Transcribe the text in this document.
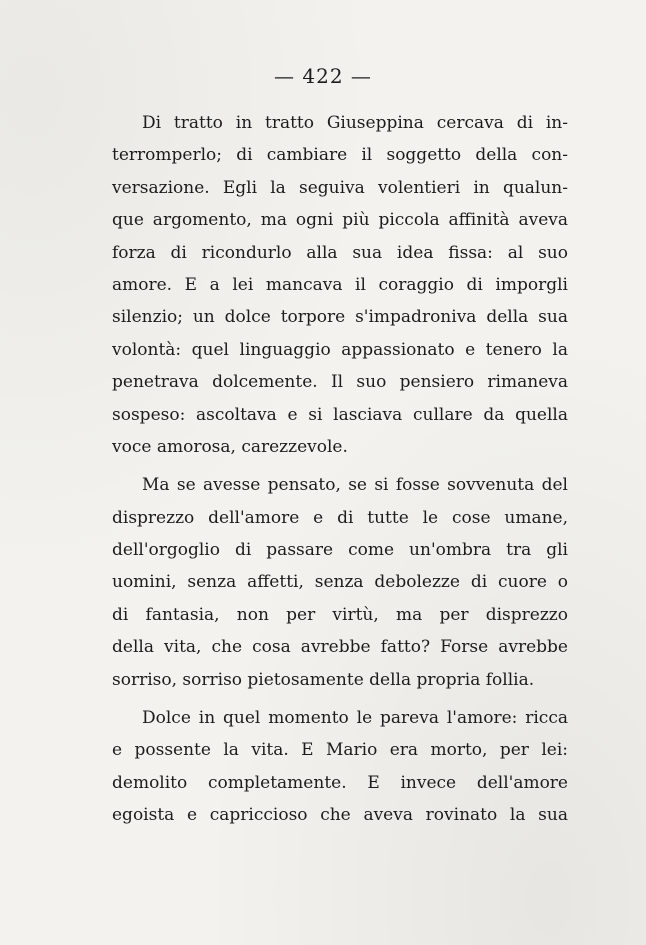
— 422 —
Di tratto in tratto Giuseppina cercava di in-
terromperlo; di cambiare il soggetto della con-
versazione. Egli la seguiva volentieri in qualun-
que argomento, ma ogni più piccola affinità aveva
forza di ricondurlo alla sua idea fissa: al suo
amore. E a lei mancava il coraggio di imporgli
silenzio; un dolce torpore s'impadroniva della sua
volontà: quel linguaggio appassionato e tenero la
penetrava dolcemente. Il suo pensiero rimaneva
sospeso: ascoltava e si lasciava cullare da quella
voce amorosa, carezzevole.
Ma se avesse pensato, se si fosse sovvenuta del
disprezzo dell'amore e di tutte le cose umane,
dell'orgoglio di passare come un'ombra tra gli
uomini, senza affetti, senza debolezze di cuore o
di fantasia, non per virtù, ma per disprezzo
della vita, che cosa avrebbe fatto? Forse avrebbe
sorriso, sorriso pietosamente della propria follia.
Dolce in quel momento le pareva l'amore: ricca
e possente la vita. E Mario era morto, per lei:
demolito completamente. E invece dell'amore
egoista e capriccioso che aveva rovinato la sua
